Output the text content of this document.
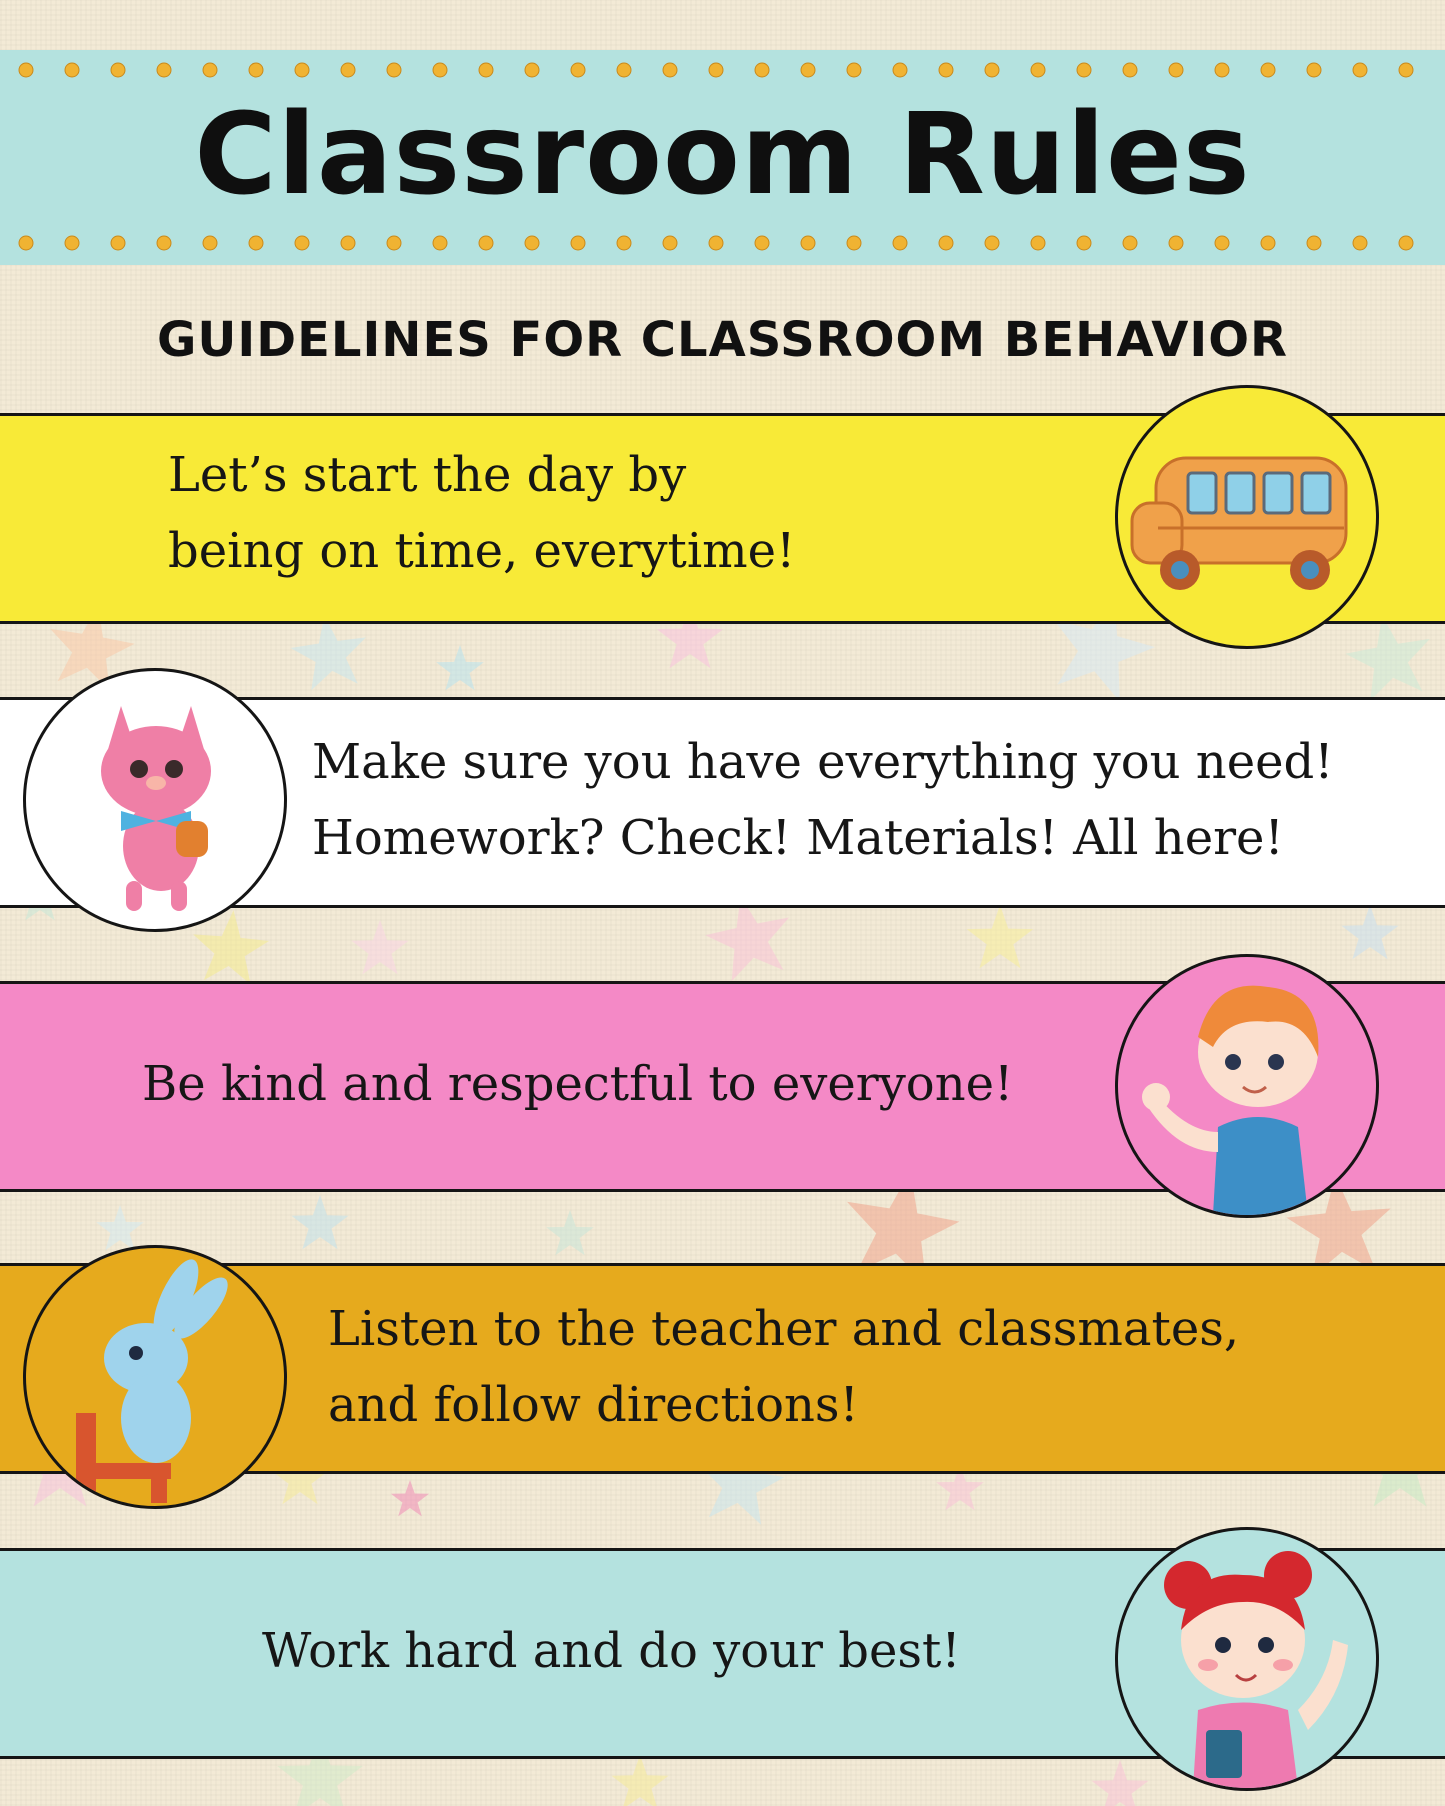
Classroom Rules
GUIDELINES FOR CLASSROOM BEHAVIOR
Let’s start the day by
being on time, everytime!
Make sure you have everything you need!
Homework? Check! Materials! All here!
Be kind and respectful to everyone!
Listen to the teacher and classmates,
and follow directions!
Work hard and do your best!
